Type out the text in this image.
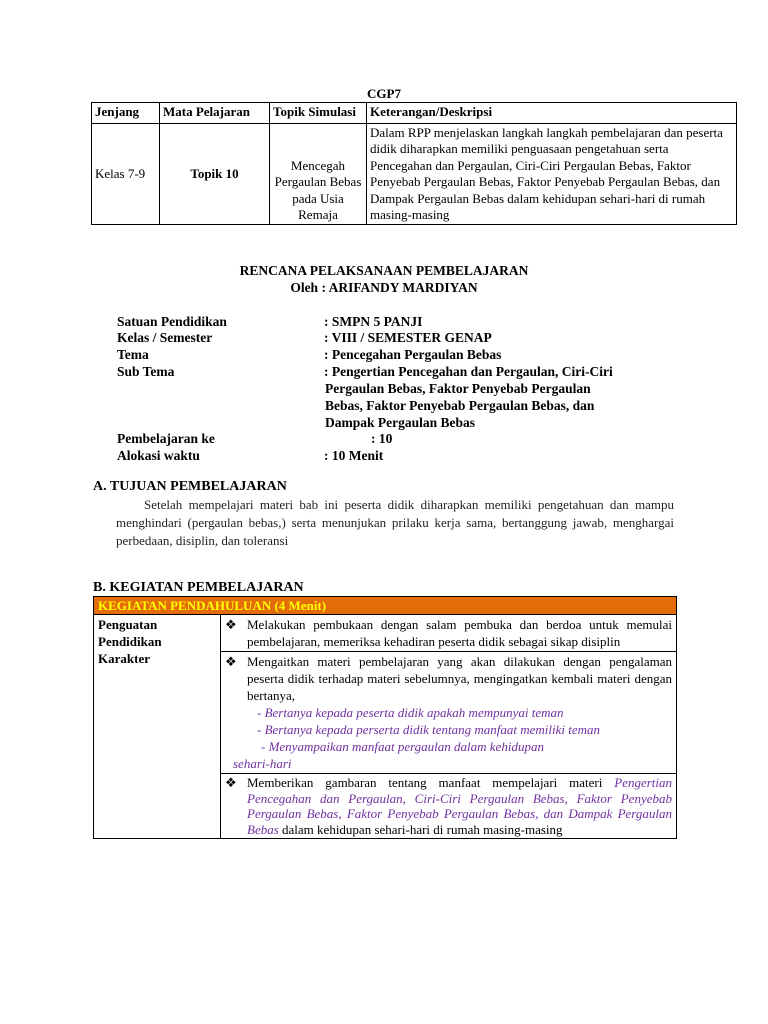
CGP7
Jenjang	Mata Pelajaran	Topik Simulasi	Keterangan/Deskripsi
Kelas 7-9	Topik 10	Mencegah Pergaulan Bebas pada Usia Remaja	Dalam RPP menjelaskan langkah langkah pembelajaran dan peserta didik diharapkan memiliki penguasaan pengetahuan serta Pencegahan dan Pergaulan, Ciri-Ciri Pergaulan Bebas, Faktor Penyebab Pergaulan Bebas, Faktor Penyebab Pergaulan Bebas, dan Dampak Pergaulan Bebas dalam kehidupan sehari-hari di rumah masing-masing
RENCANA PELAKSANAAN PEMBELAJARAN
Oleh : ARIFANDY MARDIYAN
Satuan Pendidikan	: SMPN 5 PANJI
Kelas / Semester	: VIII / SEMESTER GENAP
Tema	: Pencegahan Pergaulan Bebas
Sub Tema	: Pengertian Pencegahan dan Pergaulan, Ciri-Ciri
Pergaulan Bebas, Faktor Penyebab Pergaulan
Bebas, Faktor Penyebab Pergaulan Bebas, dan
Dampak Pergaulan Bebas
Pembelajaran ke	: 10
Alokasi waktu	: 10 Menit
A. TUJUAN PEMBELAJARAN
Setelah mempelajari materi bab ini peserta didik diharapkan memiliki pengetahuan dan mampu menghindari (pergaulan bebas,) serta menunjukan prilaku kerja sama, bertanggung jawab, menghargai perbedaan, disiplin, dan toleransi
B. KEGIATAN PEMBELAJARAN
KEGIATAN PENDAHULUAN (4 Menit)
Penguatan Pendidikan Karakter	
❖ Melakukan pembukaan dengan salam pembuka dan berdoa untuk memulai pembelajaran, memeriksa kehadiran peserta didik sebagai sikap disiplin

❖ Mengaitkan materi pembelajaran yang akan dilakukan dengan pengalaman peserta didik terhadap materi sebelumnya, mengingatkan kembali materi dengan bertanya,
- Bertanya kepada peserta didik apakah mempunyai teman
- Bertanya kepada perserta didik tentang manfaat memiliki teman
- Menyampaikan manfaat pergaulan dalam kehidupan
sehari-hari

❖ Memberikan gambaran tentang manfaat mempelajari materi Pengertian Pencegahan dan Pergaulan, Ciri-Ciri Pergaulan Bebas, Faktor Penyebab Pergaulan Bebas, Faktor Penyebab Pergaulan Bebas, dan Dampak Pergaulan Bebas dalam kehidupan sehari-hari di rumah masing-masing
